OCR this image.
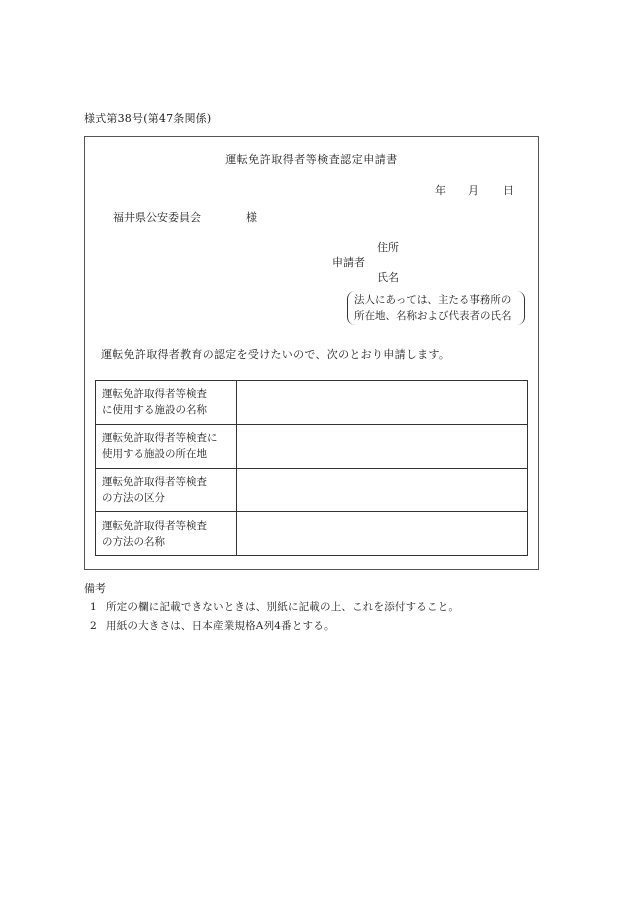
様式第38号(第47条関係)
運転免許取得者等検査認定申請書
年 月 日
福井県公安委員会	様
住所
申請者
氏名
法人にあっては、主たる事務所の
所在地、名称および代表者の氏名
運転免許取得者教育の認定を受けたいので、次のとおり申請します。
運転免許取得者等検査
に使用する施設の名称	

運転免許取得者等検査に
使用する施設の所在地	

運転免許取得者等検査
の方法の区分	

運転免許取得者等検査
の方法の名称	

備考
1 所定の欄に記載できないときは、別紙に記載の上、これを添付すること。
2 用紙の大きさは、日本産業規格A列4番とする。
